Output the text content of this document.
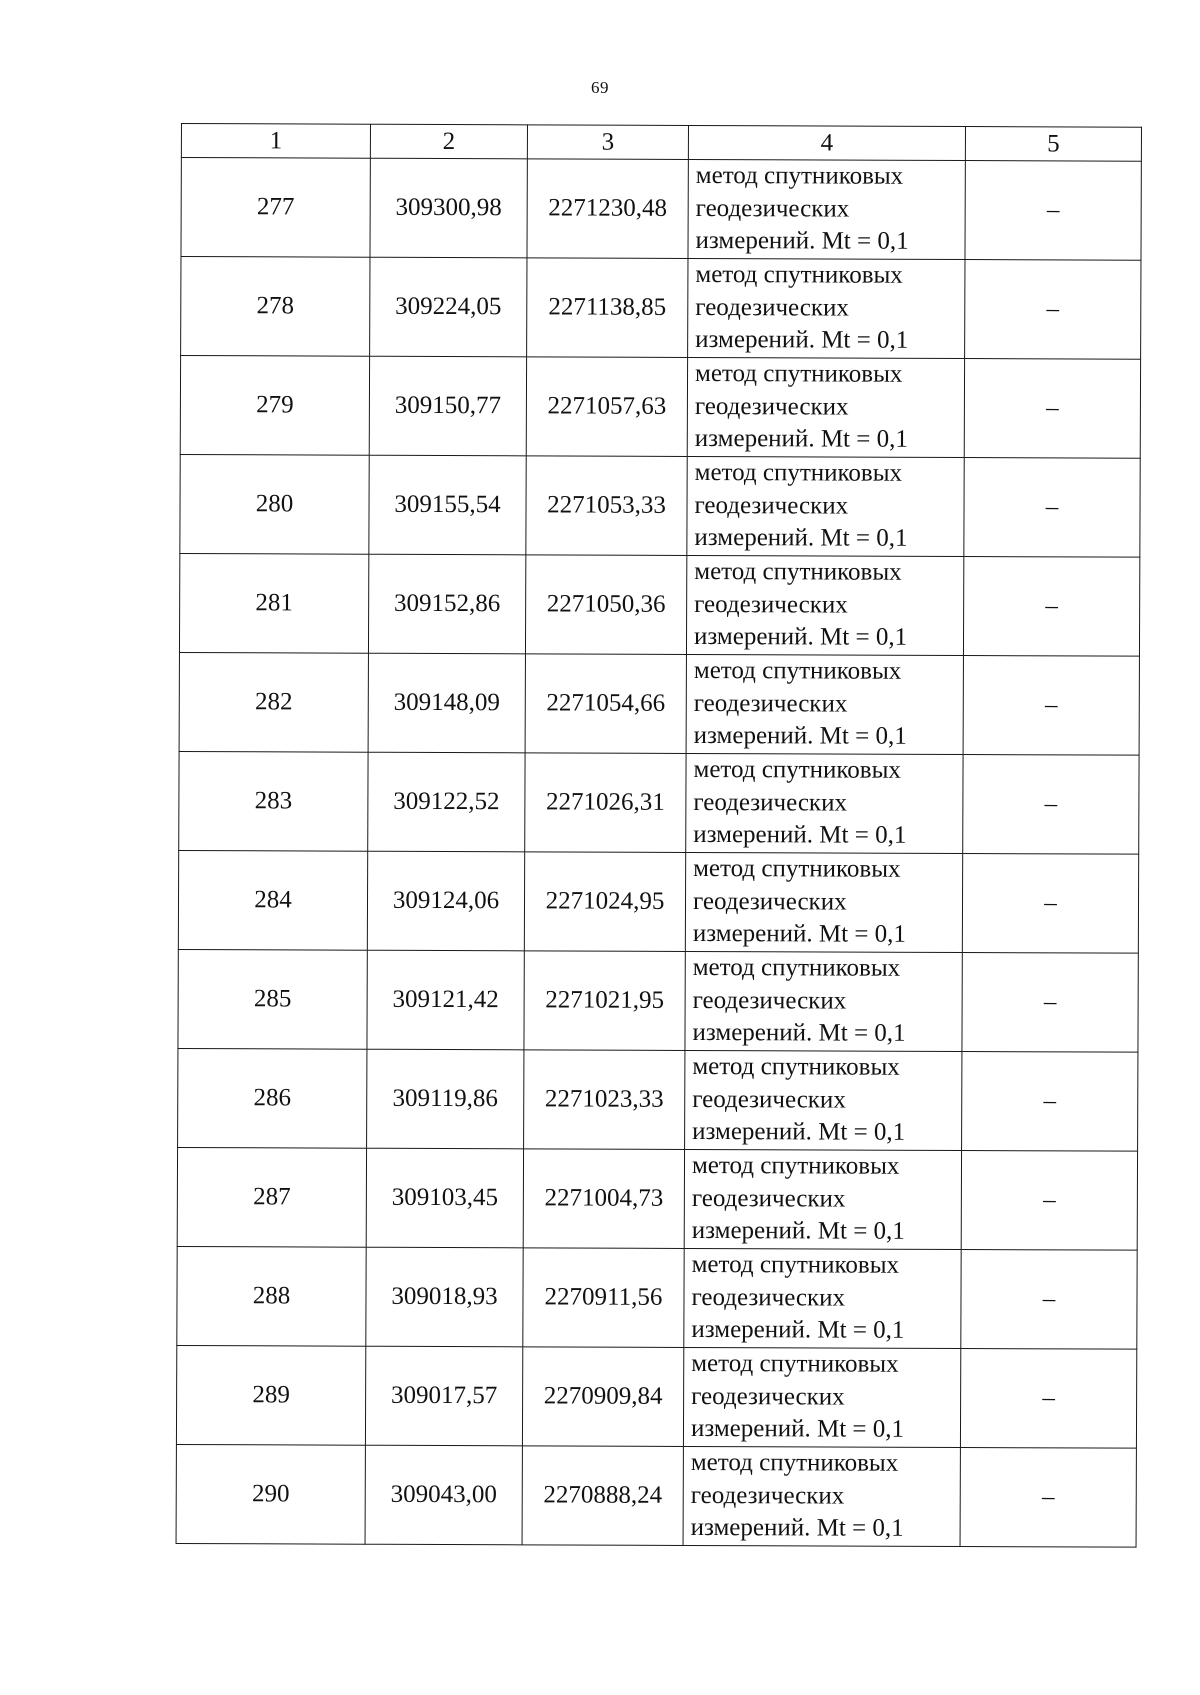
69
1	2	3	4	5
277	309300,98	2271230,48	метод спутниковых
геодезических
измерений. Mt = 0,1	–
278	309224,05	2271138,85	метод спутниковых
геодезических
измерений. Mt = 0,1	–
279	309150,77	2271057,63	метод спутниковых
геодезических
измерений. Mt = 0,1	–
280	309155,54	2271053,33	метод спутниковых
геодезических
измерений. Mt = 0,1	–
281	309152,86	2271050,36	метод спутниковых
геодезических
измерений. Mt = 0,1	–
282	309148,09	2271054,66	метод спутниковых
геодезических
измерений. Mt = 0,1	–
283	309122,52	2271026,31	метод спутниковых
геодезических
измерений. Mt = 0,1	–
284	309124,06	2271024,95	метод спутниковых
геодезических
измерений. Mt = 0,1	–
285	309121,42	2271021,95	метод спутниковых
геодезических
измерений. Mt = 0,1	–
286	309119,86	2271023,33	метод спутниковых
геодезических
измерений. Mt = 0,1	–
287	309103,45	2271004,73	метод спутниковых
геодезических
измерений. Mt = 0,1	–
288	309018,93	2270911,56	метод спутниковых
геодезических
измерений. Mt = 0,1	–
289	309017,57	2270909,84	метод спутниковых
геодезических
измерений. Mt = 0,1	–
290	309043,00	2270888,24	метод спутниковых
геодезических
измерений. Mt = 0,1	–
